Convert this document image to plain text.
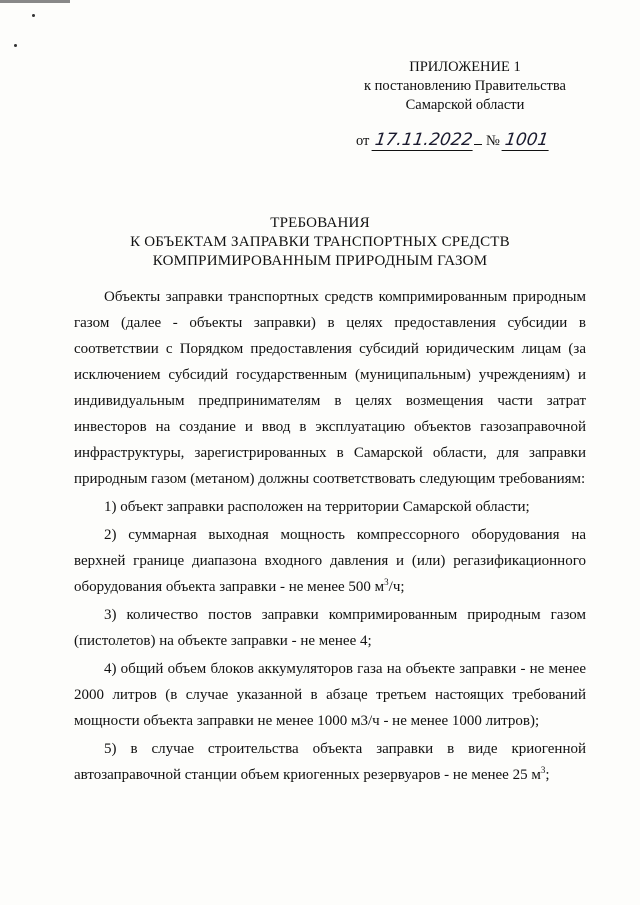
ПРИЛОЖЕНИЕ 1
к постановлению Правительства
Самарской области
от 17.11.2022 № 1001
ТРЕБОВАНИЯ
К ОБЪЕКТАМ ЗАПРАВКИ ТРАНСПОРТНЫХ СРЕДСТВ
КОМПРИМИРОВАННЫМ ПРИРОДНЫМ ГАЗОМ

Объекты заправки транспортных средств компримированным природным газом (далее - объекты заправки) в целях предоставления субсидии в соответствии с Порядком предоставления субсидий юридическим лицам (за исключением субсидий государственным (муниципальным) учреждениям) и индивидуальным предпринимателям в целях возмещения части затрат инвесторов на создание и ввод в эксплуатацию объектов газозаправочной инфраструктуры, зарегистрированных в Самарской области, для заправки природным газом (метаном) должны соответствовать следующим требованиям:

1) объект заправки расположен на территории Самарской области;

2) суммарная выходная мощность компрессорного оборудования на верхней границе диапазона входного давления и (или) регазификационного оборудования объекта заправки - не менее 500 $м^3/ч$;

3) количество постов заправки компримированным природным газом (пистолетов) на объекте заправки - не менее 4;

4) общий объем блоков аккумуляторов газа на объекте заправки - не менее 2000 литров (в случае указанной в абзаце третьем настоящих требований мощности объекта заправки не менее 1000 м3/ч - не менее 1000 литров);

5) в случае строительства объекта заправки в виде криогенной автозаправочной станции объем криогенных резервуаров - не менее 25 $м^3$;
